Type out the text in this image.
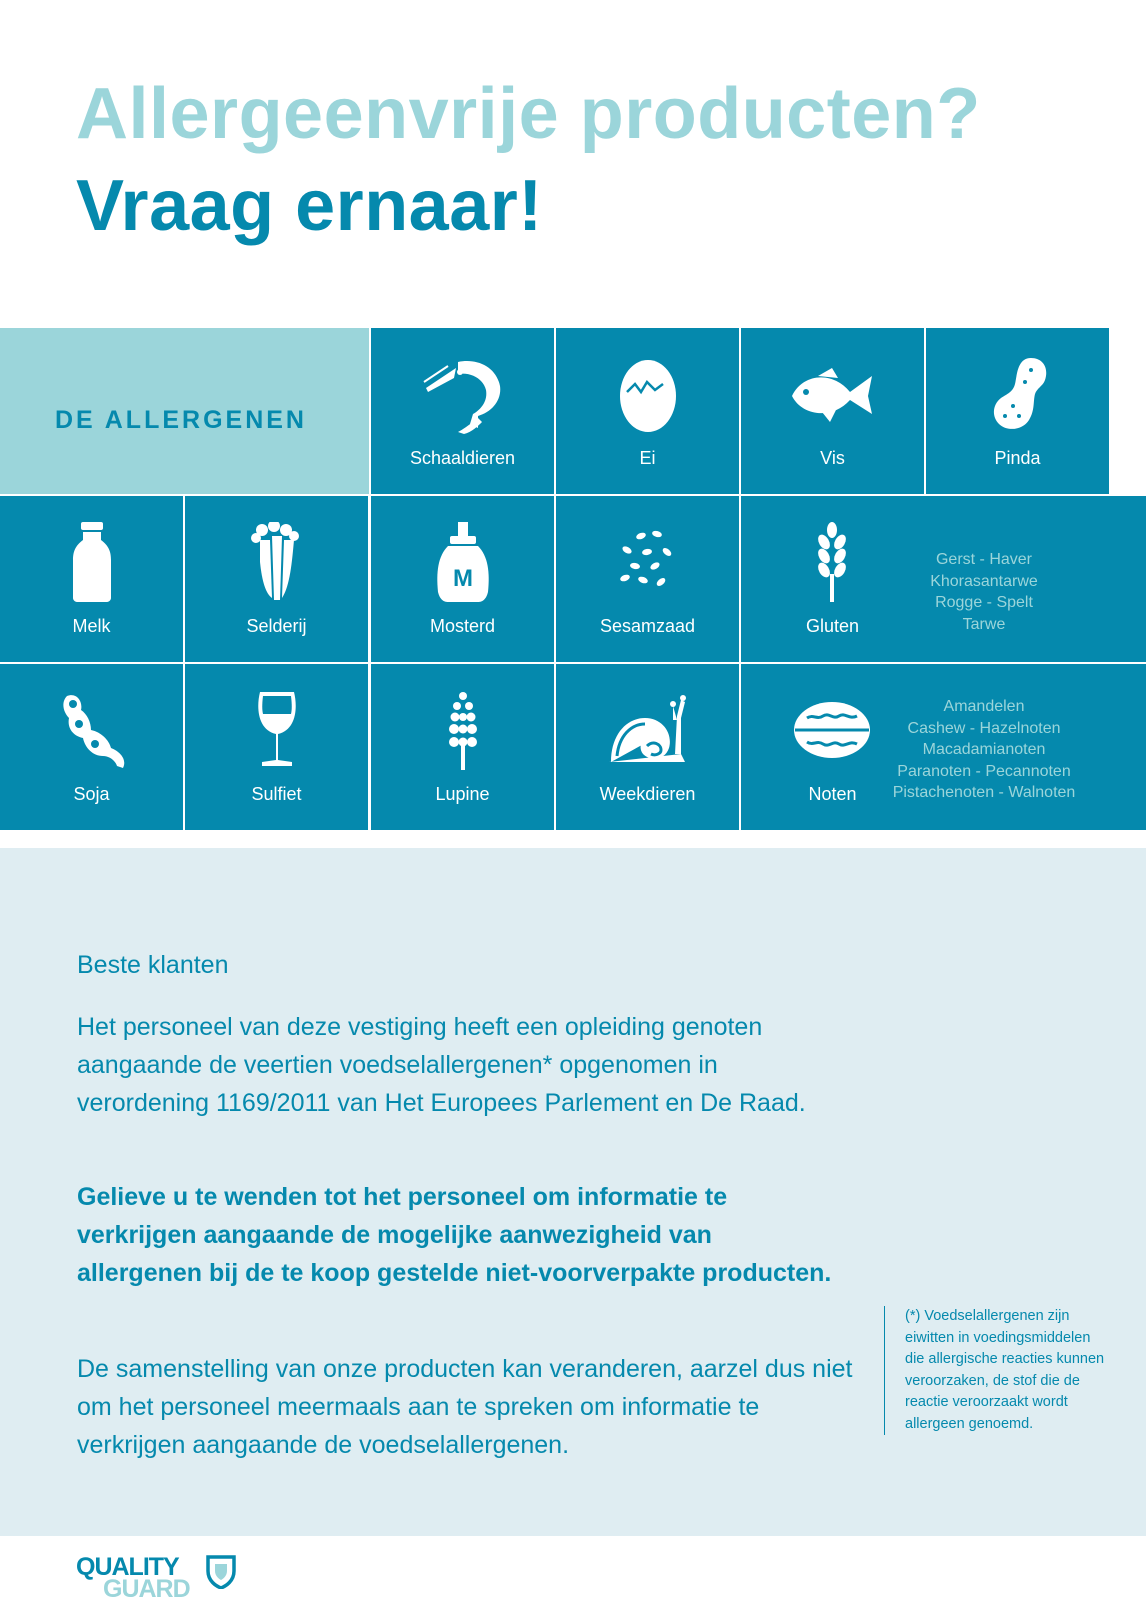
Allergeenvrije producten?
Vraag ernaar!
DE ALLERGENEN
Schaaldieren	Ei	Vis	Pinda
Melk	Selderij
M
Mosterd	Sesamzaad	Gluten
Gerst - Haver
Khorasantarwe
Rogge - Spelt
Tarwe
Soja	Sulfiet	Lupine	Weekdieren	Noten
Amandelen
Cashew - Hazelnoten
Macadamianoten
Paranoten - Pecannoten
Pistachenoten - Walnoten

Beste klanten

Het personeel van deze vestiging heeft een opleiding genoten aangaande de veertien voedselallergenen* opgenomen in verordening 1169/2011 van Het Europees Parlement en De Raad.

Gelieve u te wenden tot het personeel om informatie te verkrijgen aangaande de mogelijke aanwezigheid van allergenen bij de te koop gestelde niet-voorverpakte producten.

De samenstelling van onze producten kan veranderen, aarzel dus niet om het personeel meermaals aan te spreken om informatie te verkrijgen aangaande de voedselallergenen.

(*) Voedselallergenen zijn eiwitten in voedingsmiddelen die allergische reacties kunnen veroorzaken, de stof die de reactie veroorzaakt wordt allergeen genoemd.
QUALITY
GUARD
